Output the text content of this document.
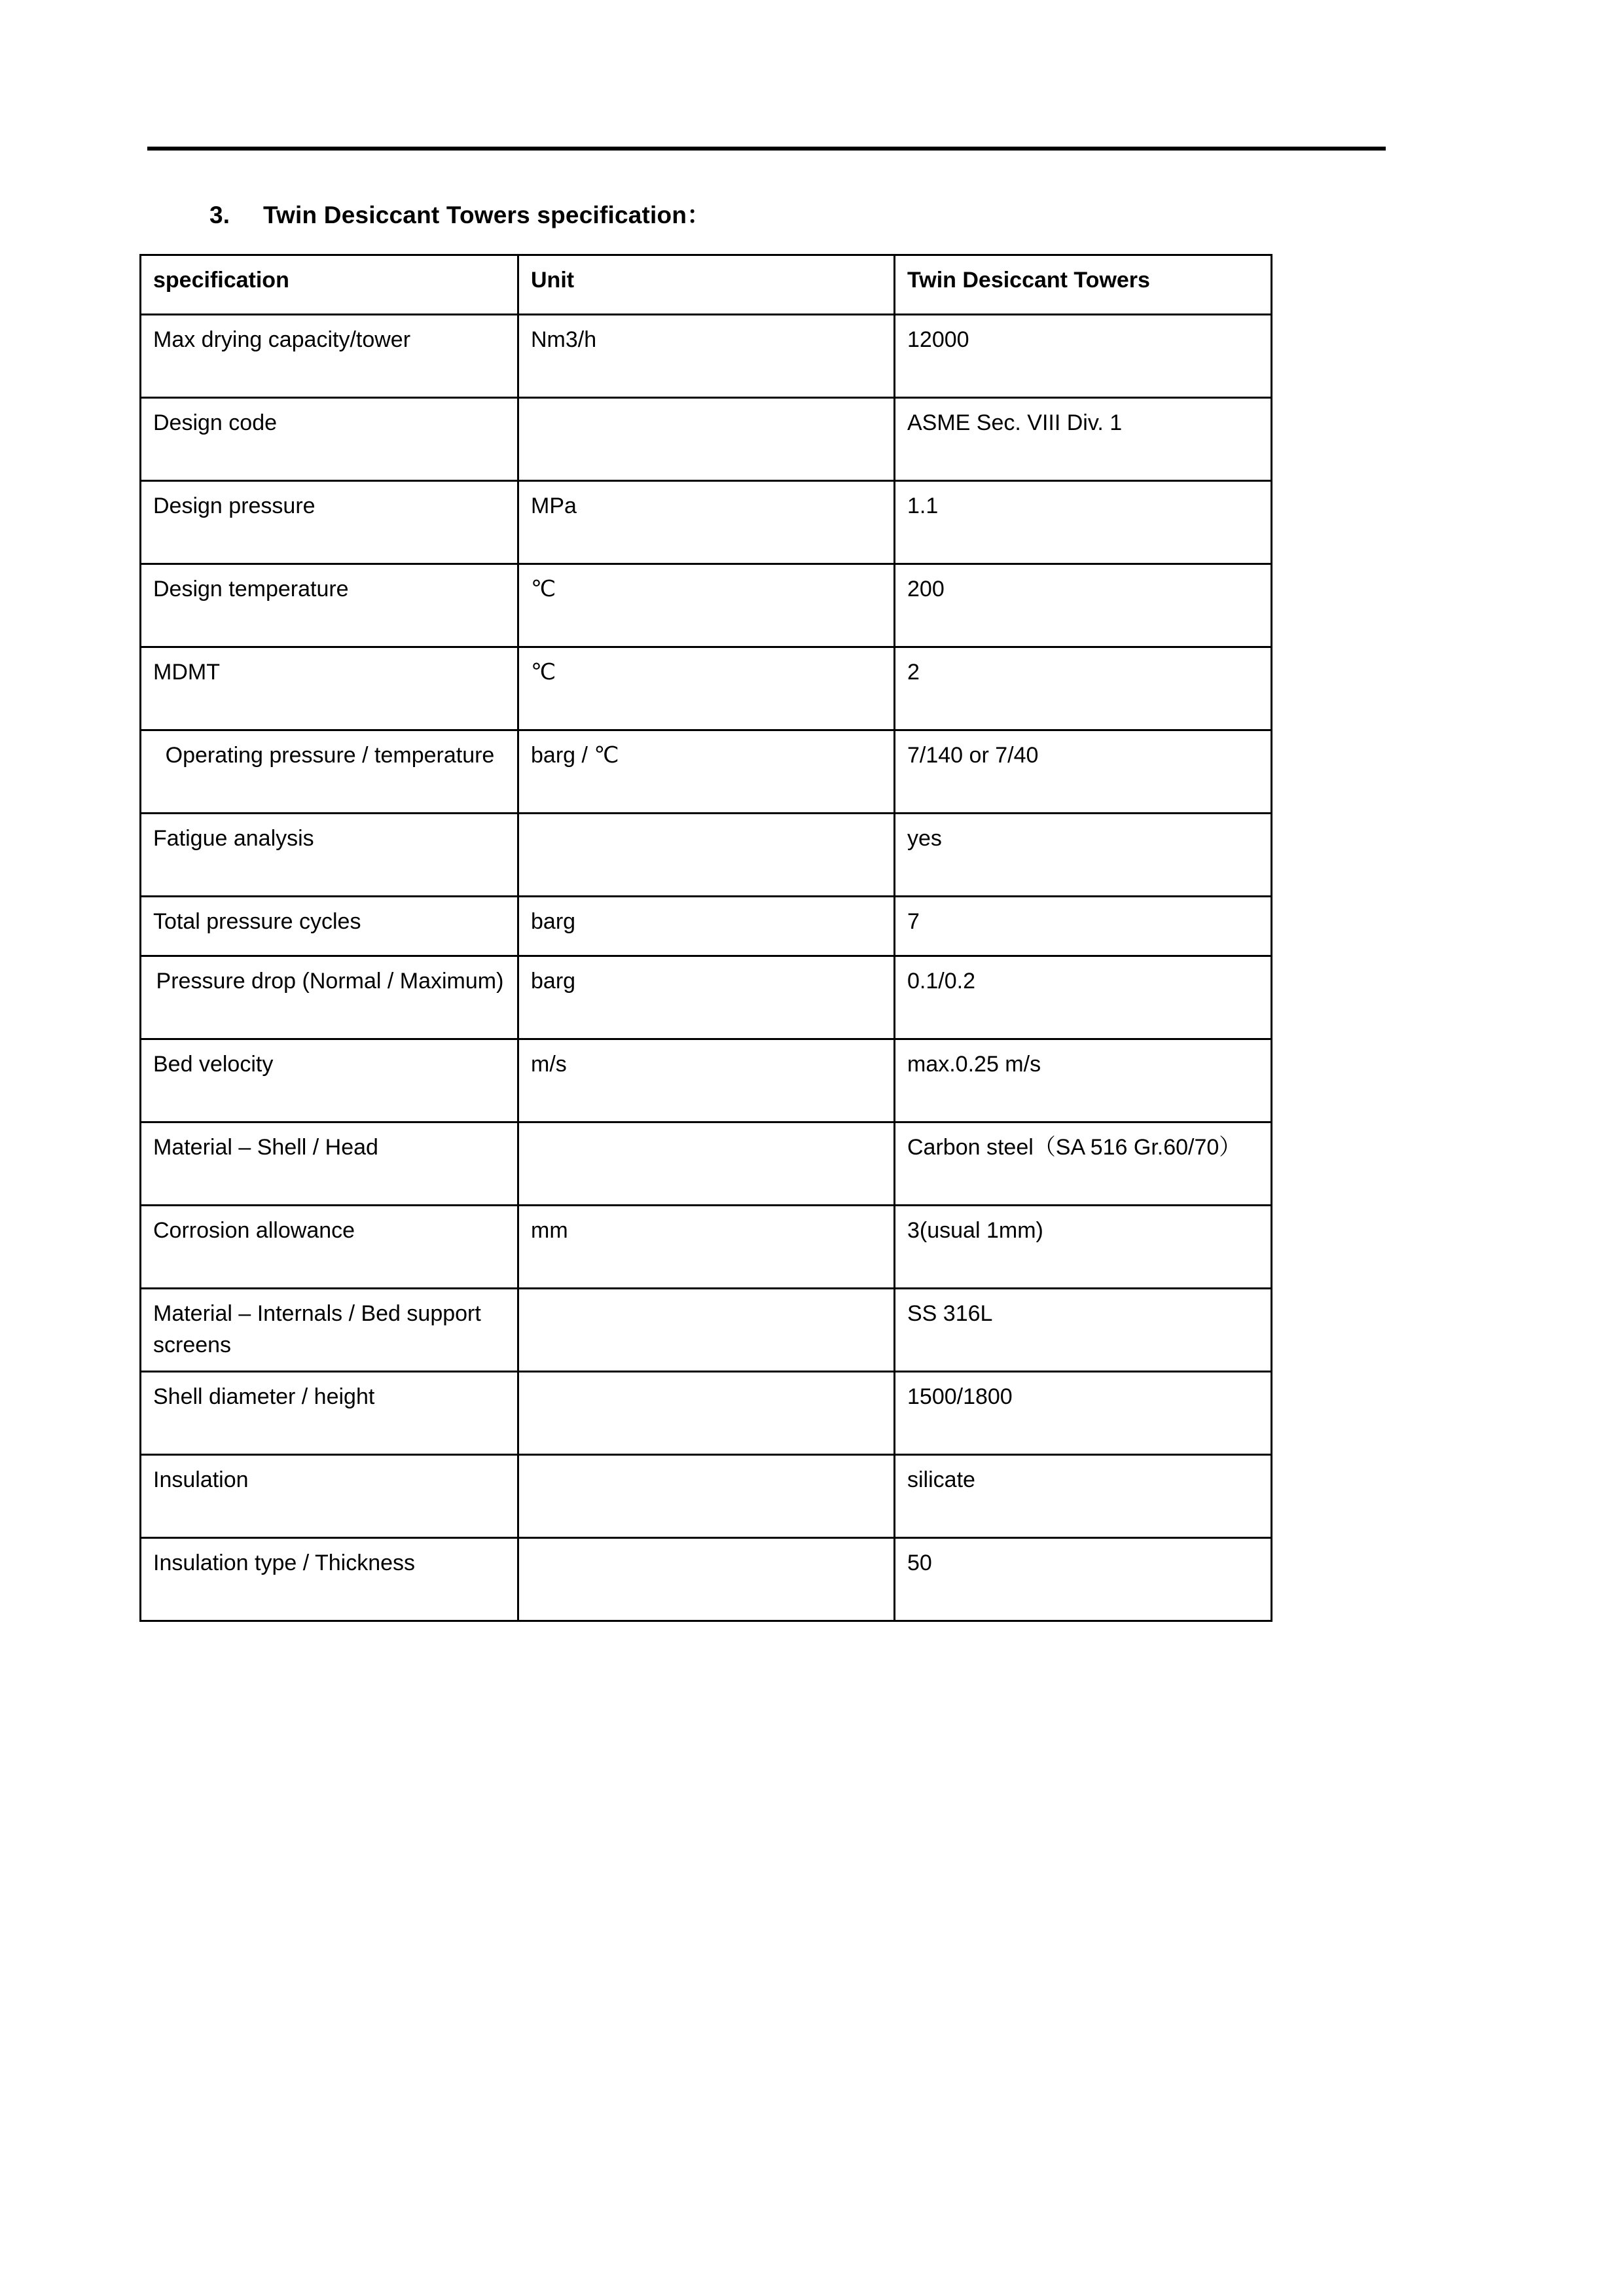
3. Twin Desiccant Towers specification：
specification	Unit	Twin Desiccant Towers
Max drying capacity/tower	Nm3/h	12000
Design code		ASME Sec. VIII Div. 1
Design pressure	MPa	1.1
Design temperature	℃	200
MDMT	℃	2
Operating pressure / temperature	barg / ℃	7/140 or 7/40
Fatigue analysis		yes
Total pressure cycles	barg	7
Pressure drop (Normal / Maximum)	barg	0.1/0.2
Bed velocity	m/s	max.0.25 m/s
Material – Shell / Head		Carbon steel（SA 516 Gr.60/70）
Corrosion allowance	mm	3(usual 1mm)
Material – Internals / Bed support screens		SS 316L
Shell diameter / height		1500/1800
Insulation		silicate
Insulation type / Thickness		50
